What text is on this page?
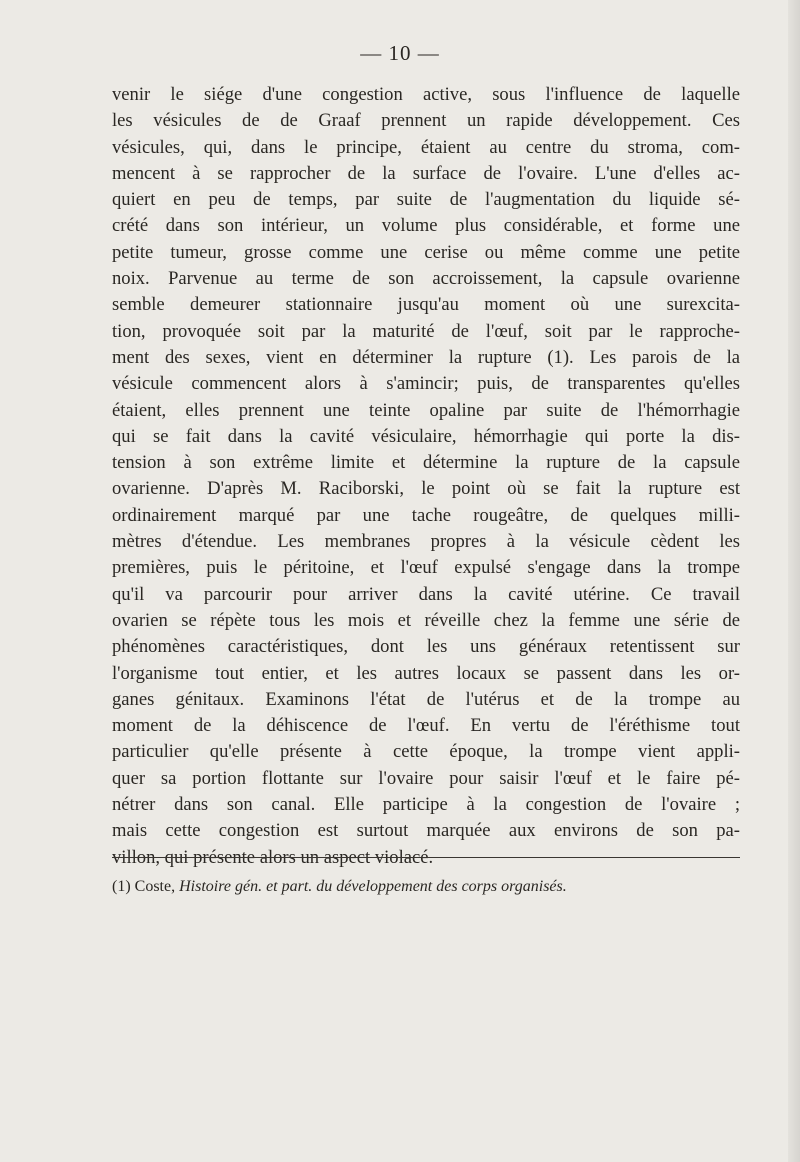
— 10 —
venir le siége d'une congestion active, sous l'influence de laquelle
les vésicules de de Graaf prennent un rapide développement. Ces
vésicules, qui, dans le principe, étaient au centre du stroma, com-
mencent à se rapprocher de la surface de l'ovaire. L'une d'elles ac-
quiert en peu de temps, par suite de l'augmentation du liquide sé-
crété dans son intérieur, un volume plus considérable, et forme une
petite tumeur, grosse comme une cerise ou même comme une petite
noix. Parvenue au terme de son accroissement, la capsule ovarienne
semble demeurer stationnaire jusqu'au moment où une surexcita-
tion, provoquée soit par la maturité de l'œuf, soit par le rapproche-
ment des sexes, vient en déterminer la rupture (1). Les parois de la
vésicule commencent alors à s'amincir; puis, de transparentes qu'elles
étaient, elles prennent une teinte opaline par suite de l'hémorrhagie
qui se fait dans la cavité vésiculaire, hémorrhagie qui porte la dis-
tension à son extrême limite et détermine la rupture de la capsule
ovarienne. D'après M. Raciborski, le point où se fait la rupture est
ordinairement marqué par une tache rougeâtre, de quelques milli-
mètres d'étendue. Les membranes propres à la vésicule cèdent les
premières, puis le péritoine, et l'œuf expulsé s'engage dans la trompe
qu'il va parcourir pour arriver dans la cavité utérine. Ce travail
ovarien se répète tous les mois et réveille chez la femme une série de
phénomènes caractéristiques, dont les uns généraux retentissent sur
l'organisme tout entier, et les autres locaux se passent dans les or-
ganes génitaux. Examinons l'état de l'utérus et de la trompe au
moment de la déhiscence de l'œuf. En vertu de l'éréthisme tout
particulier qu'elle présente à cette époque, la trompe vient appli-
quer sa portion flottante sur l'ovaire pour saisir l'œuf et le faire pé-
nétrer dans son canal. Elle participe à la congestion de l'ovaire ;
mais cette congestion est surtout marquée aux environs de son pa-
villon, qui présente alors un aspect violacé.
(1) Coste, Histoire gén. et part. du développement des corps organisés.
